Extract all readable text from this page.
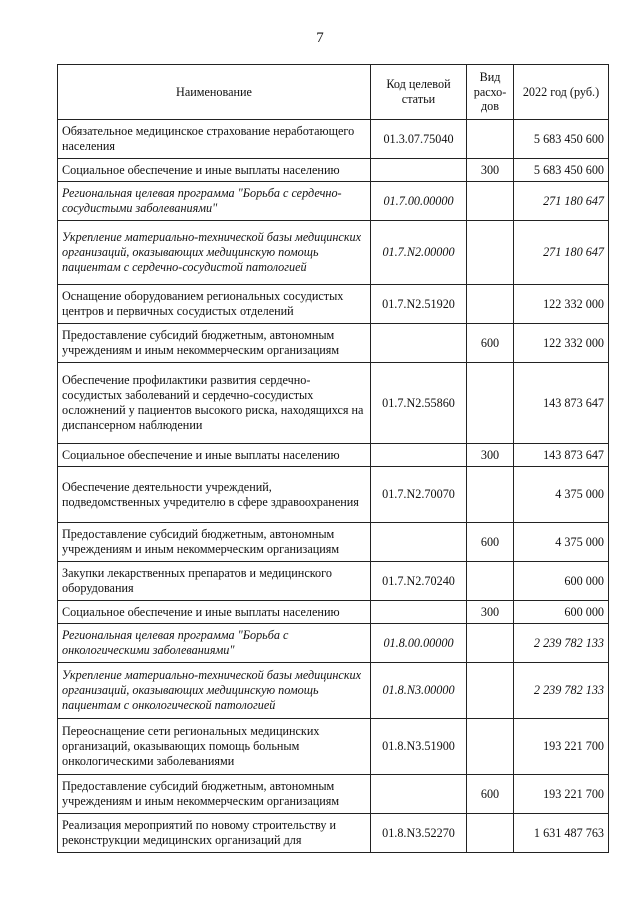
7
Наименование	Код целевой статьи	Вид расхо-дов	2022 год (руб.)
Обязательное медицинское страхование неработающего населения	01.3.07.75040		5 683 450 600
Социальное обеспечение и иные выплаты населению		300	5 683 450 600
Региональная целевая программа "Борьба с сердечно-сосудистыми заболеваниями"	01.7.00.00000		271 180 647
Укрепление материально-технической базы медицинских организаций, оказывающих медицинскую помощь пациентам с сердечно-сосудистой патологией	01.7.N2.00000		271 180 647
Оснащение оборудованием региональных сосудистых центров и первичных сосудистых отделений	01.7.N2.51920		122 332 000
Предоставление субсидий бюджетным, автономным учреждениям и иным некоммерческим организациям		600	122 332 000
Обеспечение профилактики развития сердечно-сосудистых заболеваний и сердечно-сосудистых осложнений у пациентов высокого риска, находящихся на диспансерном наблюдении	01.7.N2.55860		143 873 647
Социальное обеспечение и иные выплаты населению		300	143 873 647
Обеспечение деятельности учреждений, подведомственных учредителю в сфере здравоохранения	01.7.N2.70070		4 375 000
Предоставление субсидий бюджетным, автономным учреждениям и иным некоммерческим организациям		600	4 375 000
Закупки лекарственных препаратов и медицинского оборудования	01.7.N2.70240		600 000
Социальное обеспечение и иные выплаты населению		300	600 000
Региональная целевая программа "Борьба с онкологическими заболеваниями"	01.8.00.00000		2 239 782 133
Укрепление материально-технической базы медицинских организаций, оказывающих медицинскую помощь пациентам с онкологической патологией	01.8.N3.00000		2 239 782 133
Переоснащение сети региональных медицинских организаций, оказывающих помощь больным онкологическими заболеваниями	01.8.N3.51900		193 221 700
Предоставление субсидий бюджетным, автономным учреждениям и иным некоммерческим организациям		600	193 221 700
Реализация мероприятий по новому строительству и реконструкции медицинских организаций для	01.8.N3.52270		1 631 487 763
